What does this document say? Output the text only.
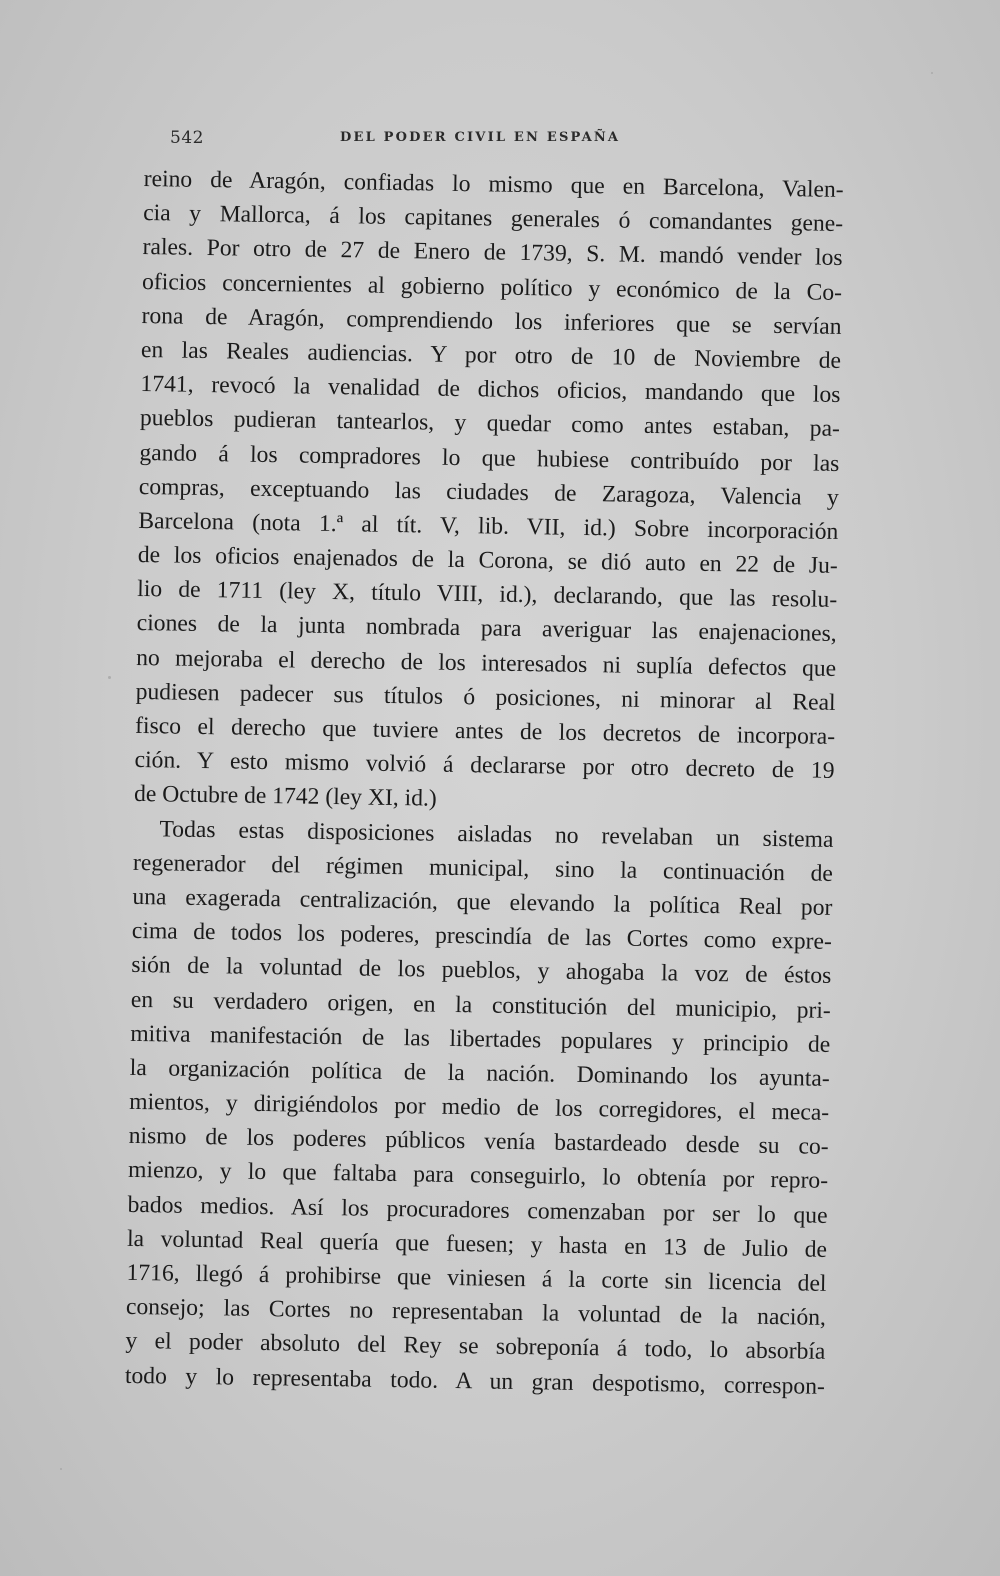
542	DEL PODER CIVIL EN ESPAÑA
reino de Aragón, confiadas lo mismo que en Barcelona, Valen-
cia y Mallorca, á los capitanes generales ó comandantes gene-
rales. Por otro de 27 de Enero de 1739, S. M. mandó vender los
oficios concernientes al gobierno político y económico de la Co-
rona de Aragón, comprendiendo los inferiores que se servían
en las Reales audiencias. Y por otro de 10 de Noviembre de
1741, revocó la venalidad de dichos oficios, mandando que los
pueblos pudieran tantearlos, y quedar como antes estaban, pa-
gando á los compradores lo que hubiese contribuído por las
compras, exceptuando las ciudades de Zaragoza, Valencia y
Barcelona (nota 1.ª al tít. V, lib. VII, id.) Sobre incorporación
de los oficios enajenados de la Corona, se dió auto en 22 de Ju-
lio de 1711 (ley X, título VIII, id.), declarando, que las resolu-
ciones de la junta nombrada para averiguar las enajenaciones,
no mejoraba el derecho de los interesados ni suplía defectos que
pudiesen padecer sus títulos ó posiciones, ni minorar al Real
fisco el derecho que tuviere antes de los decretos de incorpora-
ción. Y esto mismo volvió á declararse por otro decreto de 19
de Octubre de 1742 (ley XI, id.)
Todas estas disposiciones aisladas no revelaban un sistema
regenerador del régimen municipal, sino la continuación de
una exagerada centralización, que elevando la política Real por
cima de todos los poderes, prescindía de las Cortes como expre-
sión de la voluntad de los pueblos, y ahogaba la voz de éstos
en su verdadero origen, en la constitución del municipio, pri-
mitiva manifestación de las libertades populares y principio de
la organización política de la nación. Dominando los ayunta-
mientos, y dirigiéndolos por medio de los corregidores, el meca-
nismo de los poderes públicos venía bastardeado desde su co-
mienzo, y lo que faltaba para conseguirlo, lo obtenía por repro-
bados medios. Así los procuradores comenzaban por ser lo que
la voluntad Real quería que fuesen; y hasta en 13 de Julio de
1716, llegó á prohibirse que viniesen á la corte sin licencia del
consejo; las Cortes no representaban la voluntad de la nación,
y el poder absoluto del Rey se sobreponía á todo, lo absorbía
todo y lo representaba todo. A un gran despotismo, correspon-
